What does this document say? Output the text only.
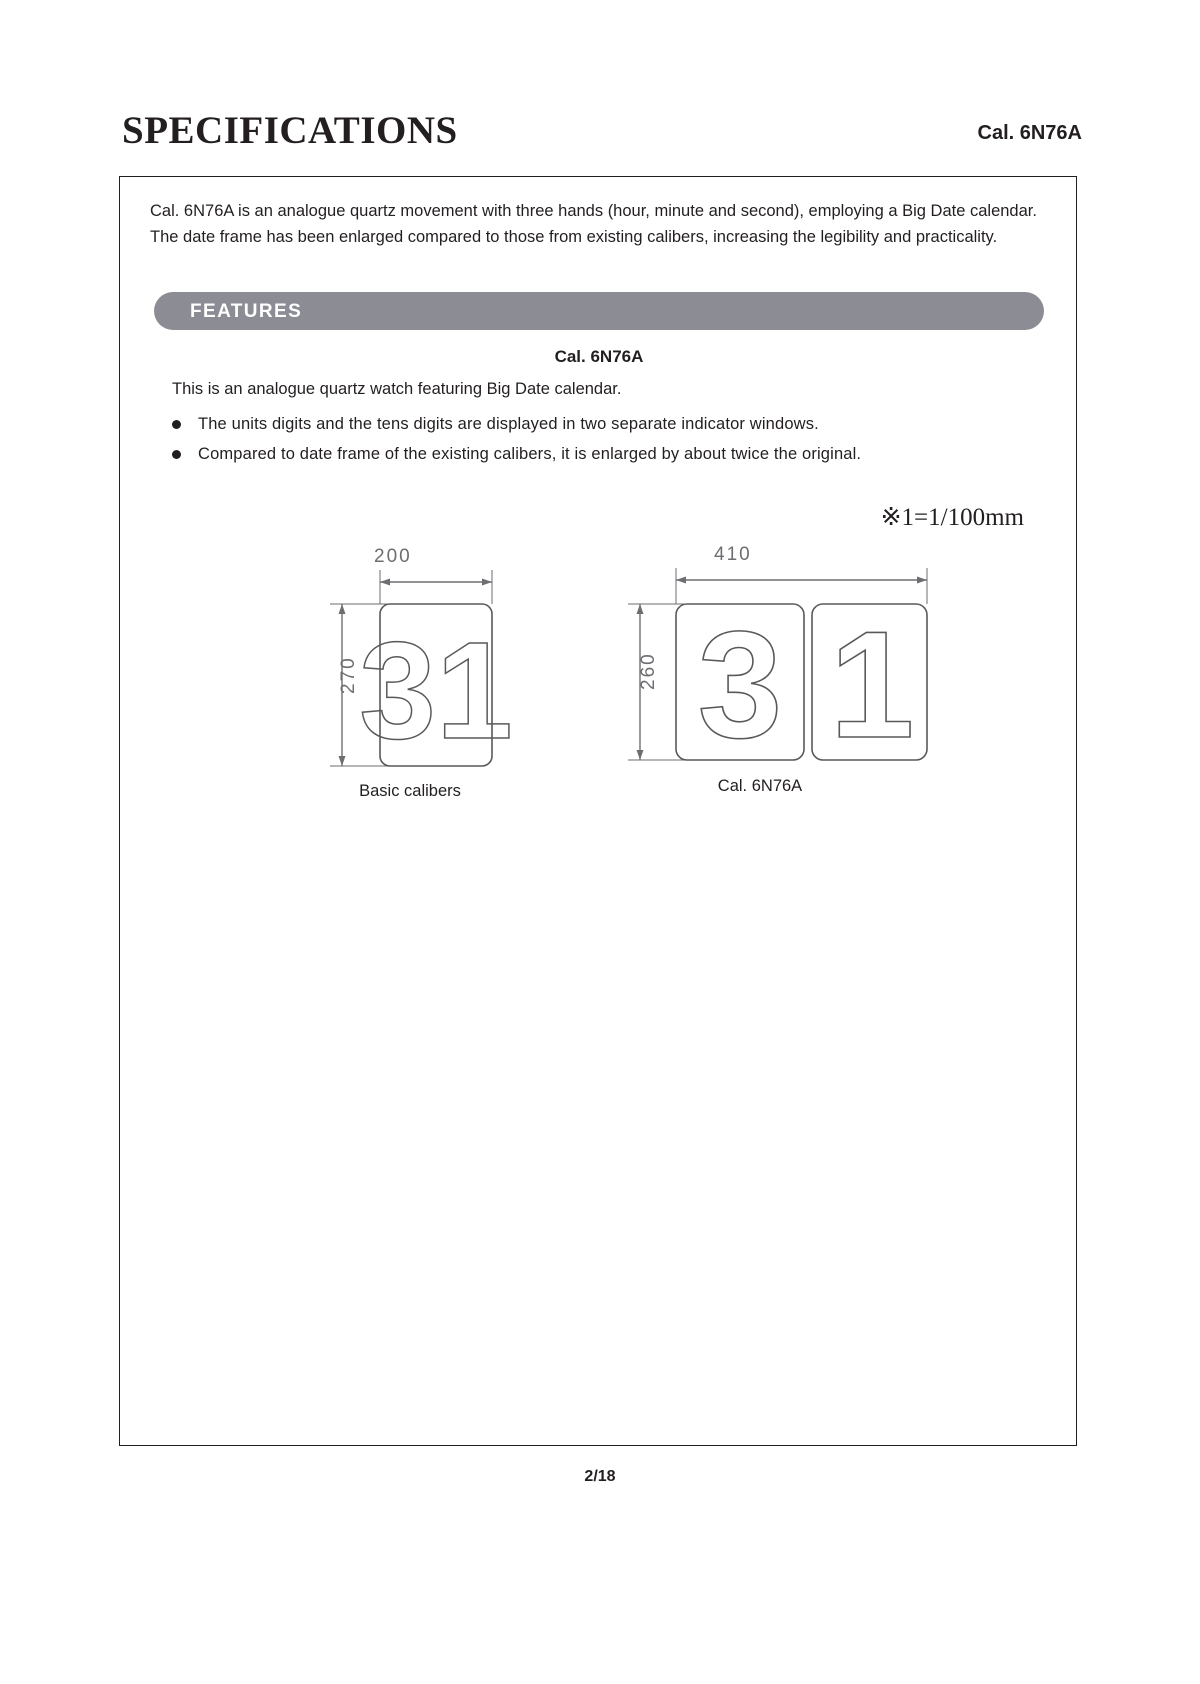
SPECIFICATIONS	Cal. 6N76A
Cal. 6N76A is an analogue quartz movement with three hands (hour, minute and second), employing a Big Date calendar. The date frame has been enlarged compared to those from existing calibers, increasing the legibility and practicality.
FEATURES
Cal. 6N76A
This is an analogue quartz watch featuring Big Date calendar.
The units digits and the tens digits are displayed in two separate indicator windows.
Compared to date frame of the existing calibers, it is enlarged by about twice the original.
※1=1/100mm
31
200
270
Basic calibers
3 1
410
260
Cal. 6N76A
2/18
